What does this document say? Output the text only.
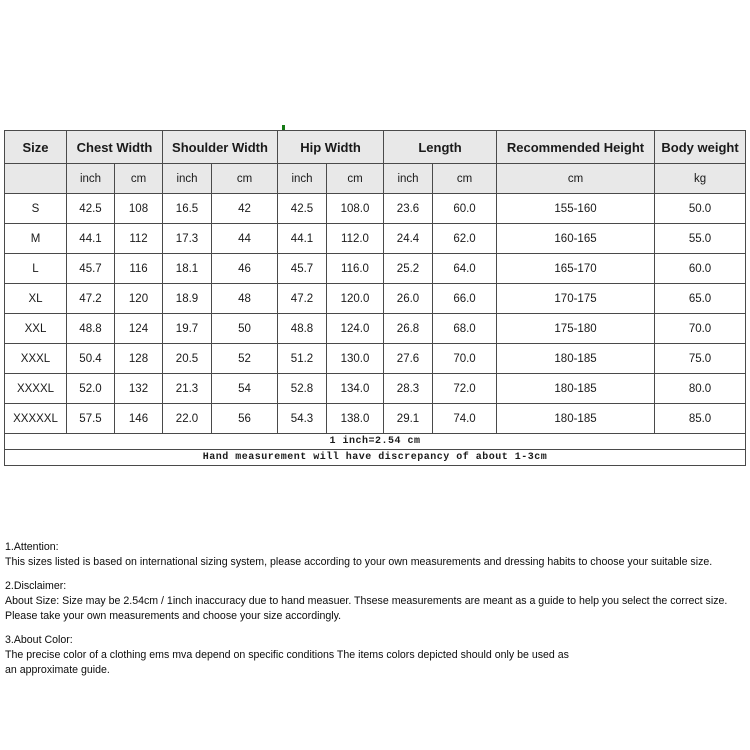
Size	Chest Width		Shoulder Width		Hip Width		Length		Recommended Height	Body weight
	inch	cm	inch	cm	inch	cm	inch	cm	cm	kg
S	42.5	108	16.5	42	42.5	108.0	23.6	60.0	155-160	50.0
M	44.1	112	17.3	44	44.1	112.0	24.4	62.0	160-165	55.0
L	45.7	116	18.1	46	45.7	116.0	25.2	64.0	165-170	60.0
XL	47.2	120	18.9	48	47.2	120.0	26.0	66.0	170-175	65.0
XXL	48.8	124	19.7	50	48.8	124.0	26.8	68.0	175-180	70.0
XXXL	50.4	128	20.5	52	51.2	130.0	27.6	70.0	180-185	75.0
XXXXL	52.0	132	21.3	54	52.8	134.0	28.3	72.0	180-185	80.0
XXXXXL	57.5	146	22.0	56	54.3	138.0	29.1	74.0	180-185	85.0
1 inch=2.54 cm										
Hand measurement will have discrepancy of about 1-3cm										

1.Attention:

This sizes listed is based on international sizing system, please according to your own measurements and dressing habits to choose your suitable size.

2.Disclaimer:

About Size: Size may be 2.54cm / 1inch inaccuracy due to hand measuer. Thsese measurements are meant as a guide to help you select the correct size.

Please take your own measurements and choose your size accordingly.

3.About Color:

The precise color of a clothing ems mva depend on specific conditions The items colors depicted should only be used as

an approximate guide.
